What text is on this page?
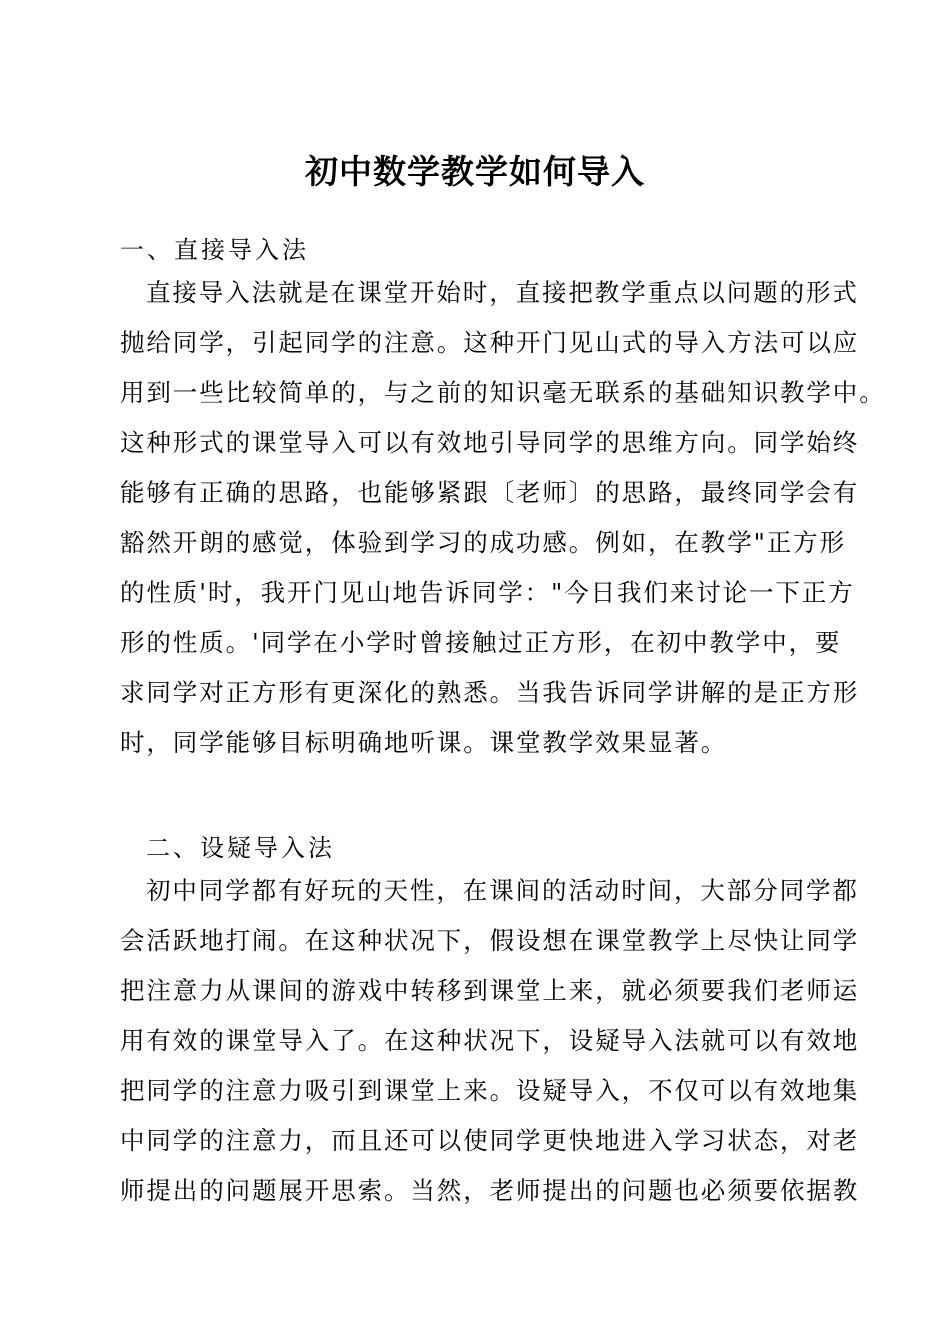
初中数学教学如何导入
一、直接导入法
直接导入法就是在课堂开始时，直接把教学重点以问题的形式
抛给同学，引起同学的注意。这种开门见山式的导入方法可以应
用到一些比较简单的，与之前的知识毫无联系的基础知识教学中。
这种形式的课堂导入可以有效地引导同学的思维方向。同学始终
能够有正确的思路，也能够紧跟〔老师〕的思路，最终同学会有
豁然开朗的感觉，体验到学习的成功感。例如，在教学"正方形
的性质'时，我开门见山地告诉同学："今日我们来讨论一下正方
形的性质。'同学在小学时曾接触过正方形，在初中教学中，要
求同学对正方形有更深化的熟悉。当我告诉同学讲解的是正方形
时，同学能够目标明确地听课。课堂教学效果显著。
二、设疑导入法
初中同学都有好玩的天性，在课间的活动时间，大部分同学都
会活跃地打闹。在这种状况下，假设想在课堂教学上尽快让同学
把注意力从课间的游戏中转移到课堂上来，就必须要我们老师运
用有效的课堂导入了。在这种状况下，设疑导入法就可以有效地
把同学的注意力吸引到课堂上来。设疑导入，不仅可以有效地集
中同学的注意力，而且还可以使同学更快地进入学习状态，对老
师提出的问题展开思索。当然，老师提出的问题也必须要依据教
